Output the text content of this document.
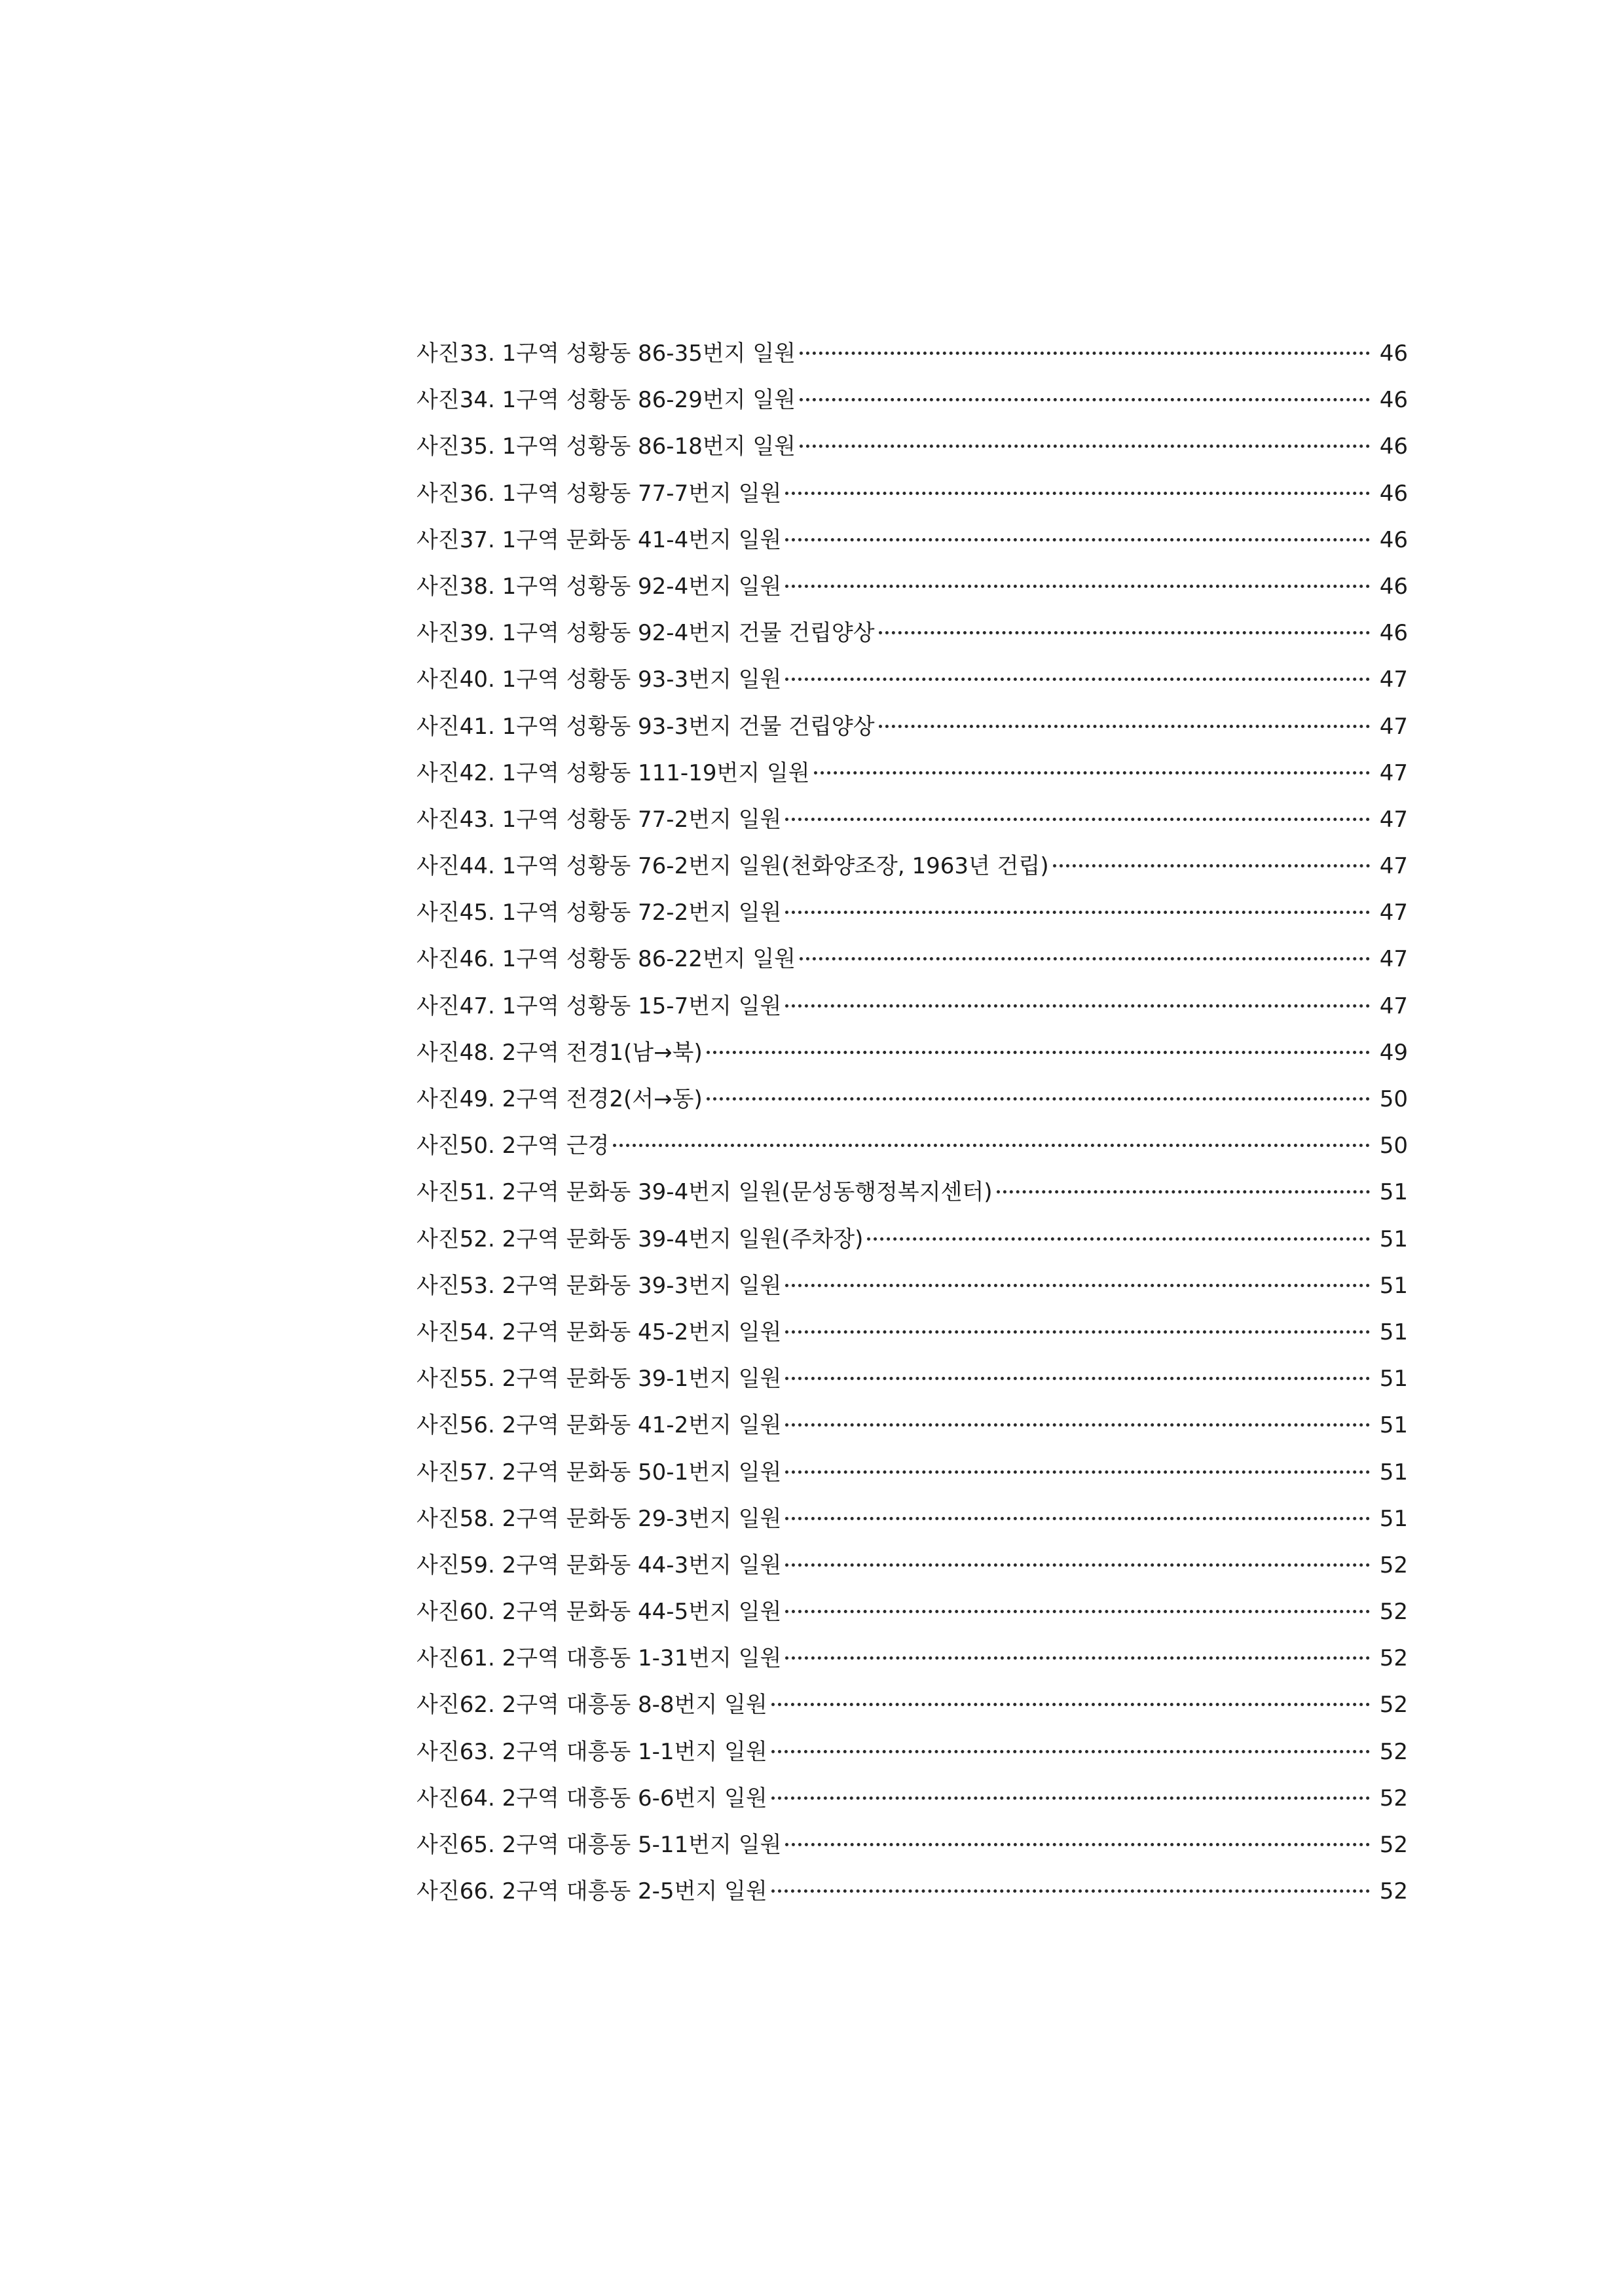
사진33. 1구역 성황동 86-35번지 일원	46
사진34. 1구역 성황동 86-29번지 일원	46
사진35. 1구역 성황동 86-18번지 일원	46
사진36. 1구역 성황동 77-7번지 일원	46
사진37. 1구역 문화동 41-4번지 일원	46
사진38. 1구역 성황동 92-4번지 일원	46
사진39. 1구역 성황동 92-4번지 건물 건립양상	46
사진40. 1구역 성황동 93-3번지 일원	47
사진41. 1구역 성황동 93-3번지 건물 건립양상	47
사진42. 1구역 성황동 111-19번지 일원	47
사진43. 1구역 성황동 77-2번지 일원	47
사진44. 1구역 성황동 76-2번지 일원(천화양조장, 1963년 건립)	47
사진45. 1구역 성황동 72-2번지 일원	47
사진46. 1구역 성황동 86-22번지 일원	47
사진47. 1구역 성황동 15-7번지 일원	47
사진48. 2구역 전경1(남→북)	49
사진49. 2구역 전경2(서→동)	50
사진50. 2구역 근경	50
사진51. 2구역 문화동 39-4번지 일원(문성동행정복지센터)	51
사진52. 2구역 문화동 39-4번지 일원(주차장)	51
사진53. 2구역 문화동 39-3번지 일원	51
사진54. 2구역 문화동 45-2번지 일원	51
사진55. 2구역 문화동 39-1번지 일원	51
사진56. 2구역 문화동 41-2번지 일원	51
사진57. 2구역 문화동 50-1번지 일원	51
사진58. 2구역 문화동 29-3번지 일원	51
사진59. 2구역 문화동 44-3번지 일원	52
사진60. 2구역 문화동 44-5번지 일원	52
사진61. 2구역 대흥동 1-31번지 일원	52
사진62. 2구역 대흥동 8-8번지 일원	52
사진63. 2구역 대흥동 1-1번지 일원	52
사진64. 2구역 대흥동 6-6번지 일원	52
사진65. 2구역 대흥동 5-11번지 일원	52
사진66. 2구역 대흥동 2-5번지 일원	52
